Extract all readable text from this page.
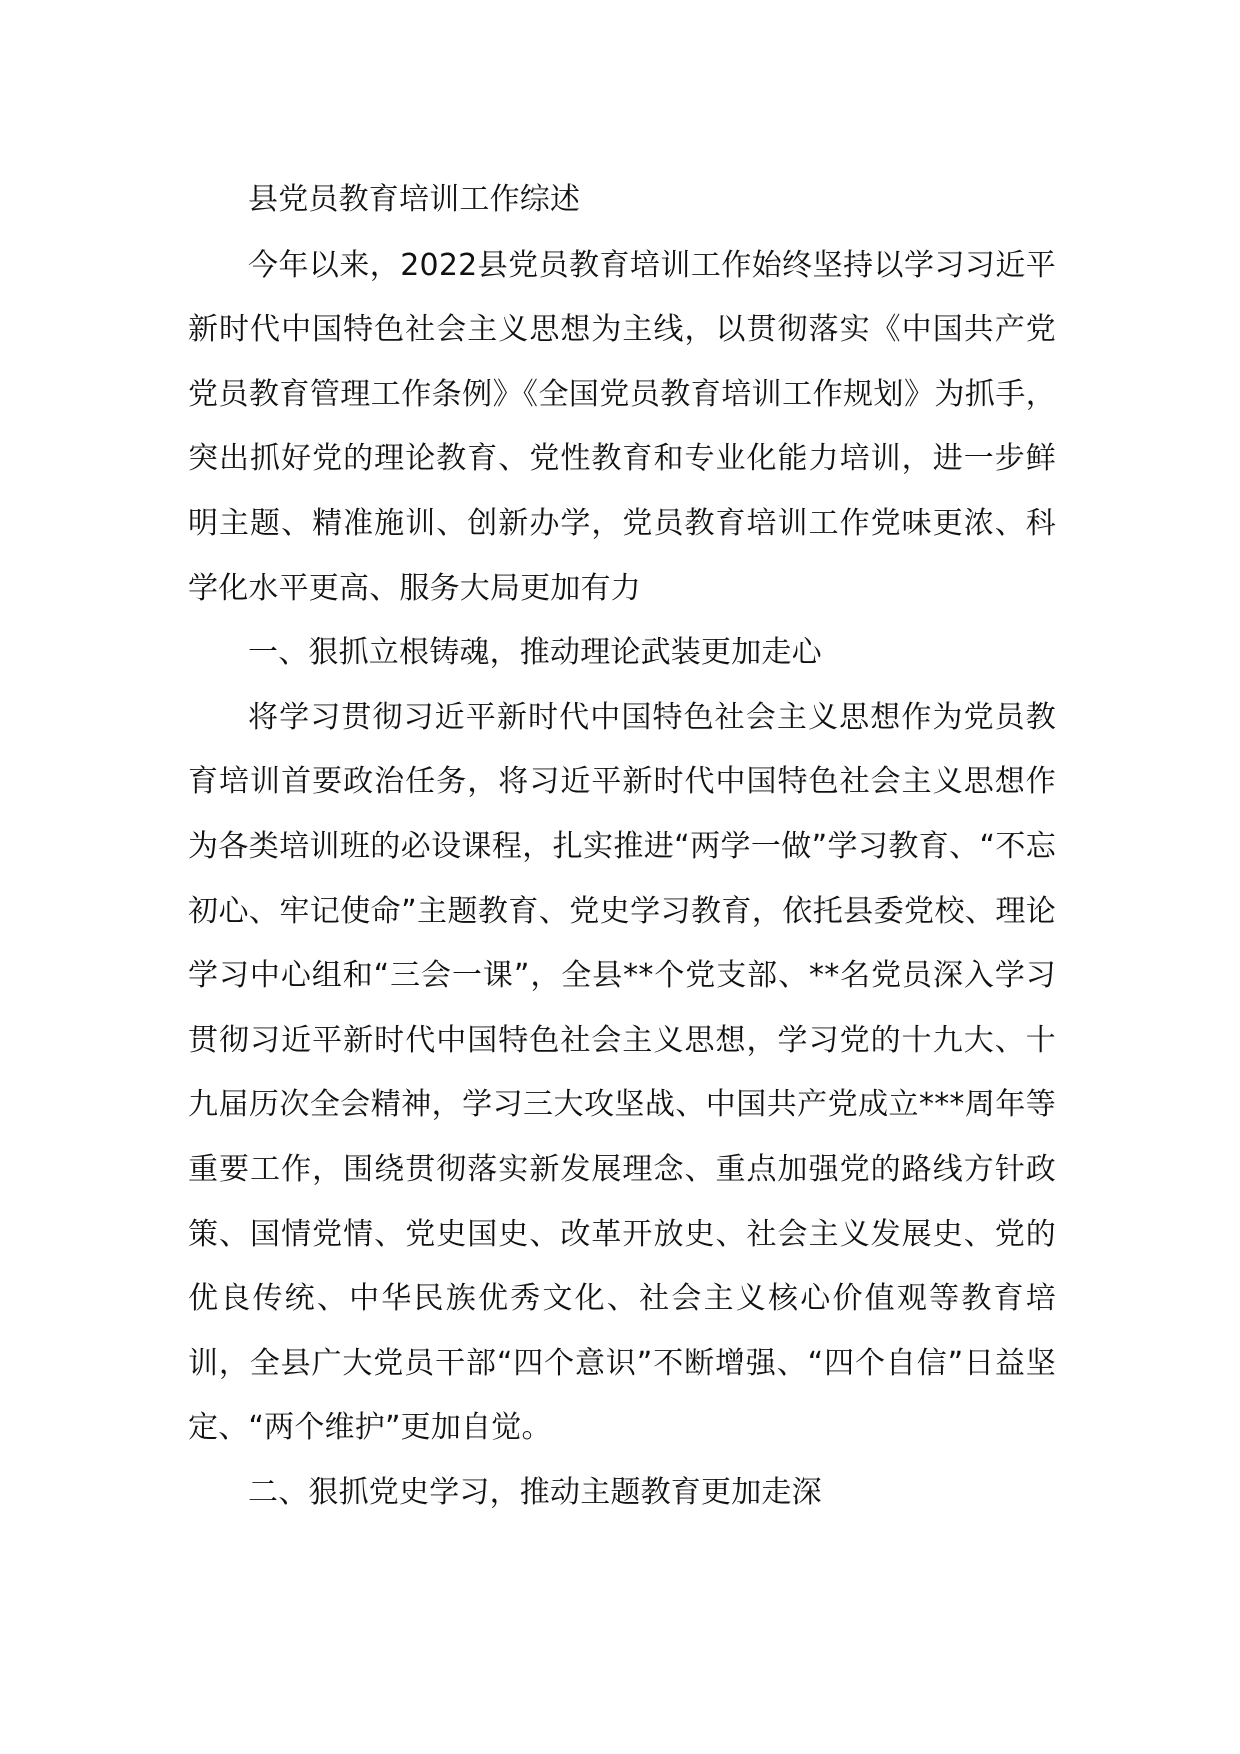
县党员教育培训工作综述

今年以来，2022县党员教育培训工作始终坚持以学习习近平新时代中国特色社会主义思想为主线，以贯彻落实《中国共产党党员教育管理工作条例》《全国党员教育培训工作规划》为抓手，突出抓好党的理论教育、党性教育和专业化能力培训，进一步鲜明主题、精准施训、创新办学，党员教育培训工作党味更浓、科学化水平更高、服务大局更加有力

一、狠抓立根铸魂，推动理论武装更加走心

将学习贯彻习近平新时代中国特色社会主义思想作为党员教育培训首要政治任务，将习近平新时代中国特色社会主义思想作为各类培训班的必设课程，扎实推进“两学一做”学习教育、“不忘初心、牢记使命”主题教育、党史学习教育，依托县委党校、理论学习中心组和“三会一课”，全县**个党支部、**名党员深入学习贯彻习近平新时代中国特色社会主义思想，学习党的十九大、十九届历次全会精神，学习三大攻坚战、中国共产党成立***周年等重要工作，围绕贯彻落实新发展理念、重点加强党的路线方针政策、国情党情、党史国史、改革开放史、社会主义发展史、党的优良传统、中华民族优秀文化、社会主义核心价值观等教育培训，全县广大党员干部“四个意识”不断增强、“四个自信”日益坚定、“两个维护”更加自觉。

二、狠抓党史学习，推动主题教育更加走深
